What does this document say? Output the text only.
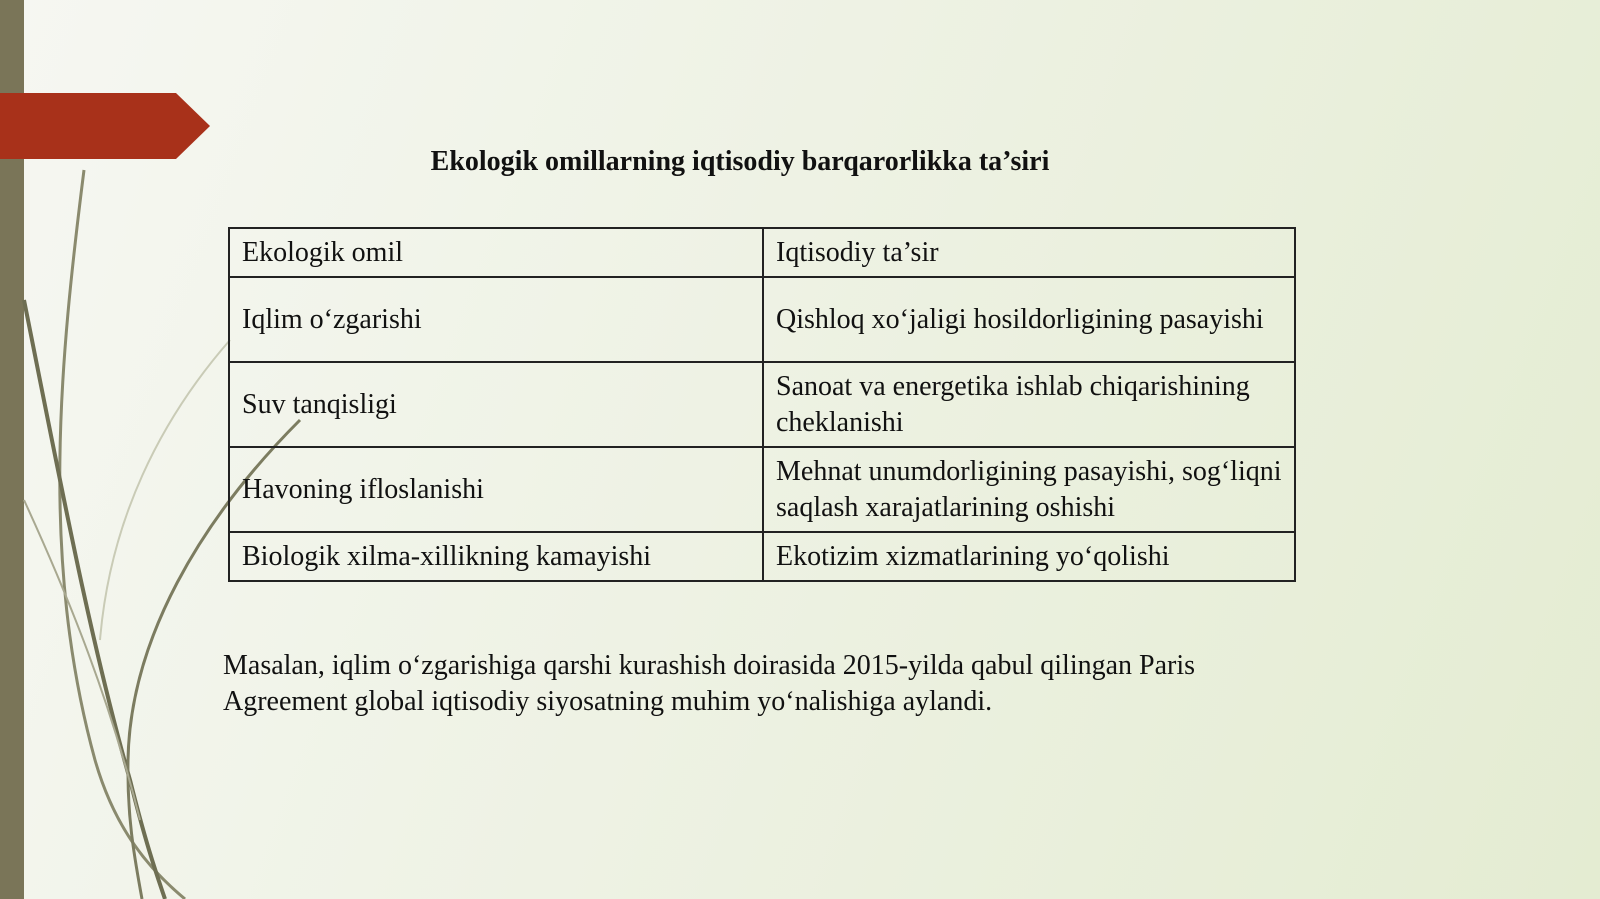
Ekologik omillarning iqtisodiy barqarorlikka ta’siri
Ekologik omil	Iqtisodiy ta’sir
Iqlim o‘zgarishi	Qishloq xo‘jaligi hosildorligining pasayishi
Suv tanqisligi	Sanoat va energetika ishlab chiqarishining cheklanishi
Havoning ifloslanishi	Mehnat unumdorligining pasayishi, sog‘liqni saqlash xarajatlarining oshishi
Biologik xilma-xillikning kamayishi	Ekotizim xizmatlarining yo‘qolishi
Masalan, iqlim o‘zgarishiga qarshi kurashish doirasida 2015-yilda qabul qilingan Paris Agreement global iqtisodiy siyosatning muhim yo‘nalishiga aylandi.
